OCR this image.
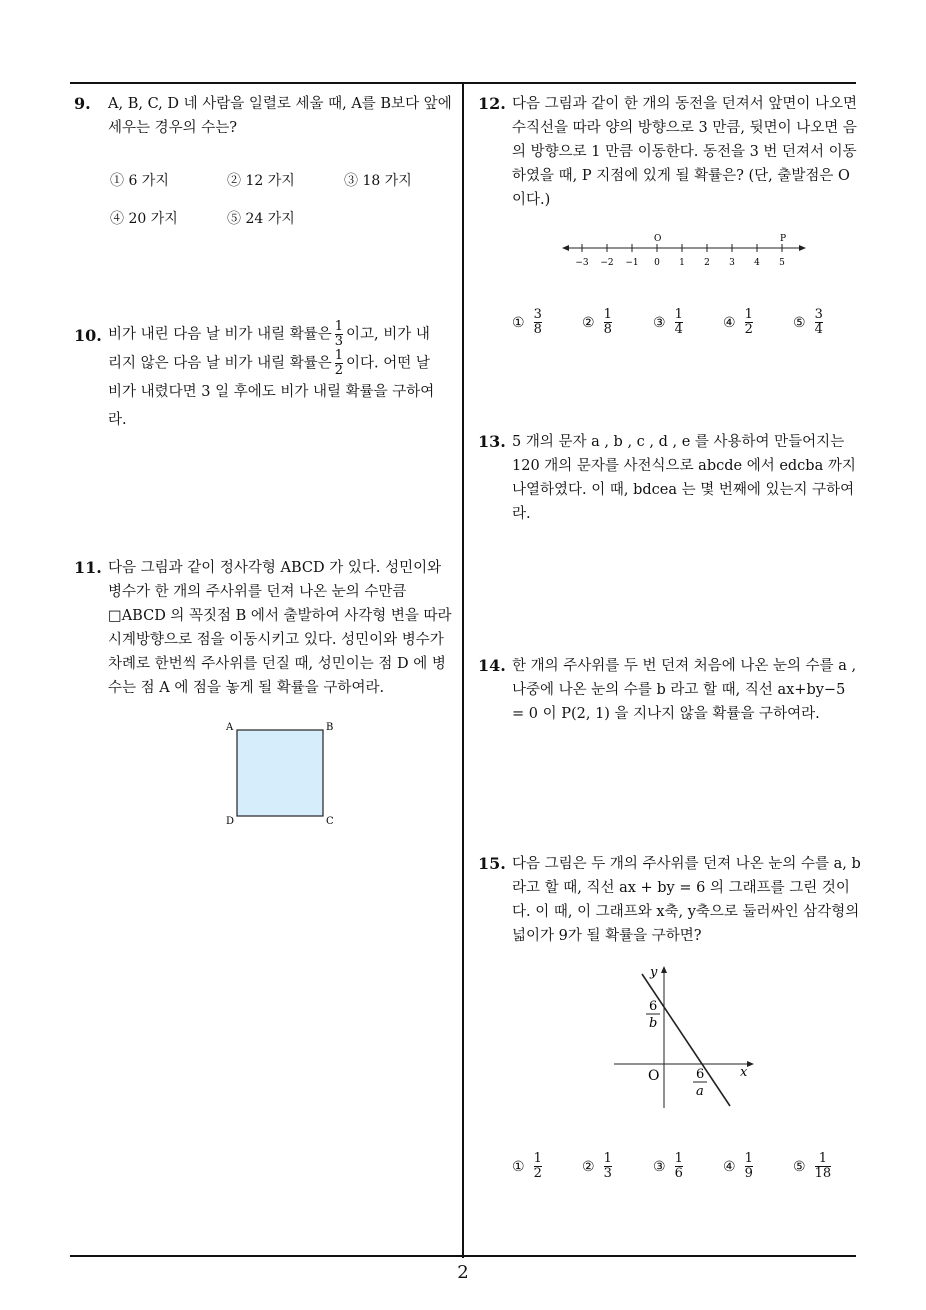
9. A, B, C, D 네 사람을 일렬로 세울 때, A를 B보다 앞에 세우는 경우의 수는?
① 6 가지	② 12 가지	③ 18 가지
④ 20 가지	⑤ 24 가지
10. 비가 내린 다음 날 비가 내릴 확률은 $\frac{1}{3}$ 이고, 비가 내
리지 않은 다음 날 비가 내릴 확률은 $\frac{1}{2}$ 이다. 어떤 날
비가 내렸다면 3 일 후에도 비가 내릴 확률을 구하여
라.
11. 다음 그림과 같이 정사각형 ABCD 가 있다. 성민이와 병수가 한 개의 주사위를 던져 나온 눈의 수만큼 □ABCD 의 꼭짓점 B 에서 출발하여 사각형 변을 따라 시계방향으로 점을 이동시키고 있다. 성민이와 병수가 차례로 한번씩 주사위를 던질 때, 성민이는 점 D 에 병수는 점 A 에 점을 놓게 될 확률을 구하여라.
A	B
D	C
12. 다음 그림과 같이 한 개의 동전을 던져서 앞면이 나오면 수직선을 따라 양의 방향으로 3 만큼, 뒷면이 나오면 음의 방향으로 1 만큼 이동한다. 동전을 3 번 던져서 이동하였을 때, P 지점에 있게 될 확률은? (단, 출발점은 O 이다.)
O	P
−3 −2 −1 0 1 2 3 4 5
① $\frac{3}{8}$	② $\frac{1}{8}$	③ $\frac{1}{4}$	④ $\frac{1}{2}$	⑤ $\frac{3}{4}$
13. 5 개의 문자 a , b , c , d , e 를 사용하여 만들어지는 120 개의 문자를 사전식으로 abcde 에서 edcba 까지 나열하였다. 이 때, bdcea 는 몇 번째에 있는지 구하여라.
14. 한 개의 주사위를 두 번 던져 처음에 나온 눈의 수를 a , 나중에 나온 눈의 수를 b 라고 할 때, 직선 ax+by−5 = 0 이 P(2, 1) 을 지나지 않을 확률을 구하여라.
15. 다음 그림은 두 개의 주사위를 던져 나온 눈의 수를 a, b 라고 할 때, 직선 ax + by = 6 의 그래프를 그린 것이다. 이 때, 이 그래프와 x축, y축으로 둘러싸인 삼각형의 넓이가 9가 될 확률을 구하면?
y
x
O
6
b
6
a
① $\frac{1}{2}$	② $\frac{1}{3}$	③ $\frac{1}{6}$	④ $\frac{1}{9}$	⑤ $\frac{1}{18}$
2
